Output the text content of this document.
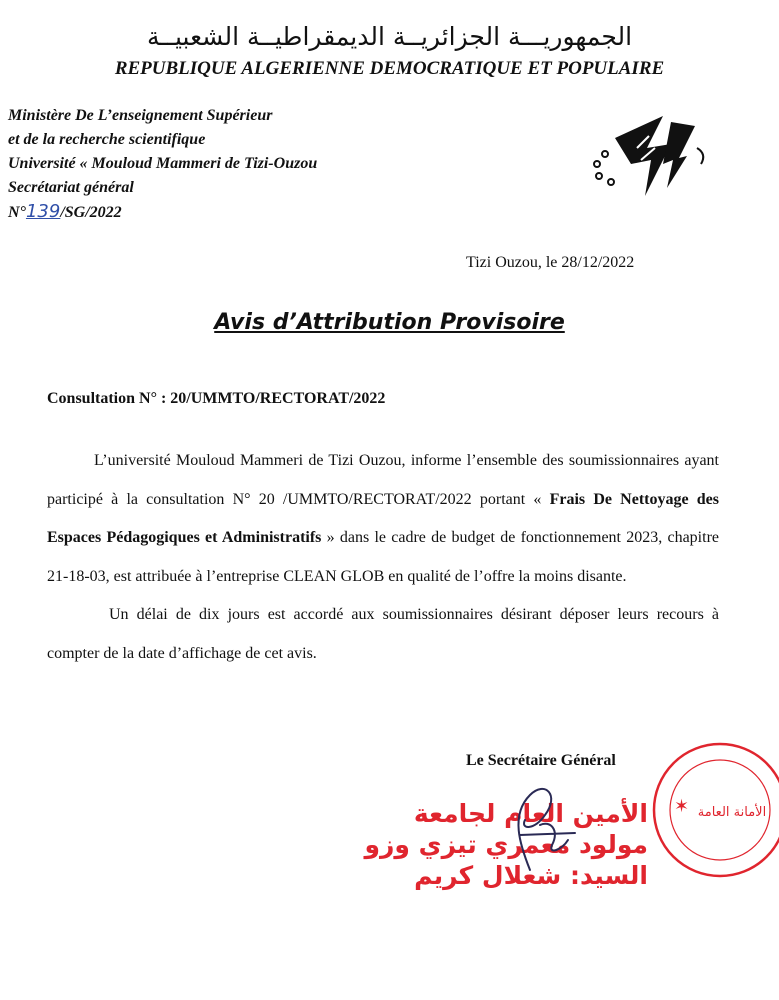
الجمهوريـــة الجزائريــة الديمقراطيــة الشعبيــة
REPUBLIQUE ALGERIENNE DEMOCRATIQUE ET POPULAIRE
Ministère De L’enseignement Supérieur
et de la recherche scientifique
Université « Mouloud Mammeri de Tizi-Ouzou
Secrétariat général
N°139/SG/2022
Tizi Ouzou, le 28/12/2022
Avis d’Attribution Provisoire
Consultation N° : 20/UMMTO/RECTORAT/2022

L’université Mouloud Mammeri de Tizi Ouzou, informe l’ensemble des soumissionnaires ayant participé à la consultation N° 20 /UMMTO/RECTORAT/2022 portant « Frais De Nettoyage des Espaces Pédagogiques et Administratifs » dans le cadre de budget de fonctionnement 2023, chapitre 21-18-03, est attribuée à l’entreprise CLEAN GLOB en qualité de l’offre la moins disante.

Un délai de dix jours est accordé aux soumissionnaires désirant déposer leurs recours à compter de la date d’affichage de cet avis.

Le Secrétaire Général
الأمين العام لجامعة
مولود معمري تيزي وزو
السيد: شعلال كريم
✶ الأمانة العامة
